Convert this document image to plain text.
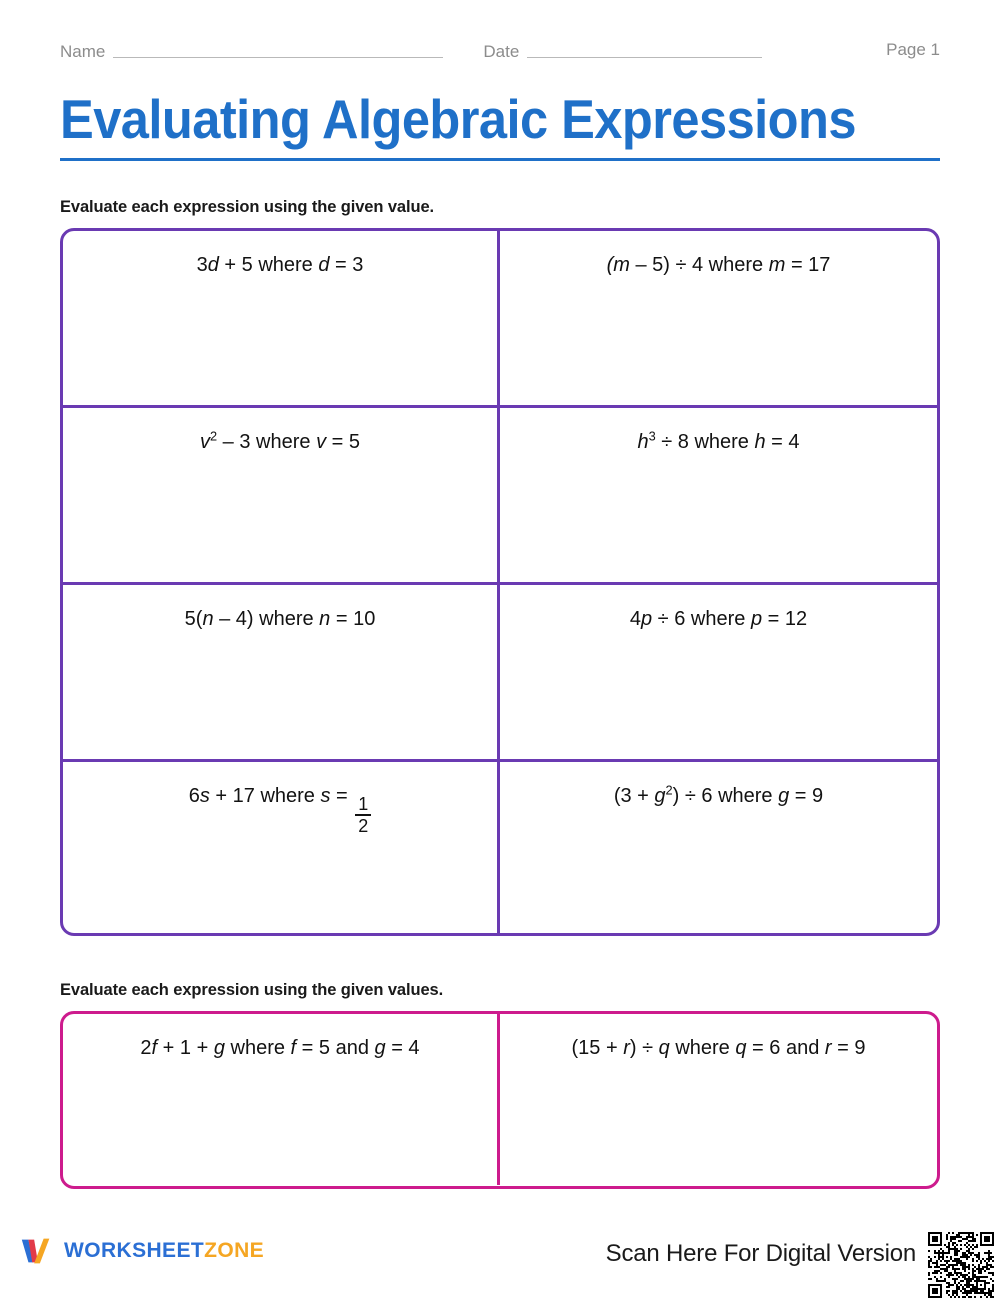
Name	Date	Page 1
Evaluating Algebraic Expressions
Evaluate each expression using the given value.
3d + 5 where d = 3	(m – 5) ÷ 4 where m = 17
$v^2 - 3$ where v = 5	$h^3 \div 8$ where h = 4
5(n – 4) where n = 10	4p ÷ 6 where p = 12
6s + 17 where $s = \frac{1}{2}$	$(3 + g^2) \div 6$ where g = 9
Evaluate each expression using the given values.
2f + 1 + g where f = 5 and g = 4	(15 + r) ÷ q where q = 6 and r = 9
WORKSHEETZONE	Scan Here For Digital Version
